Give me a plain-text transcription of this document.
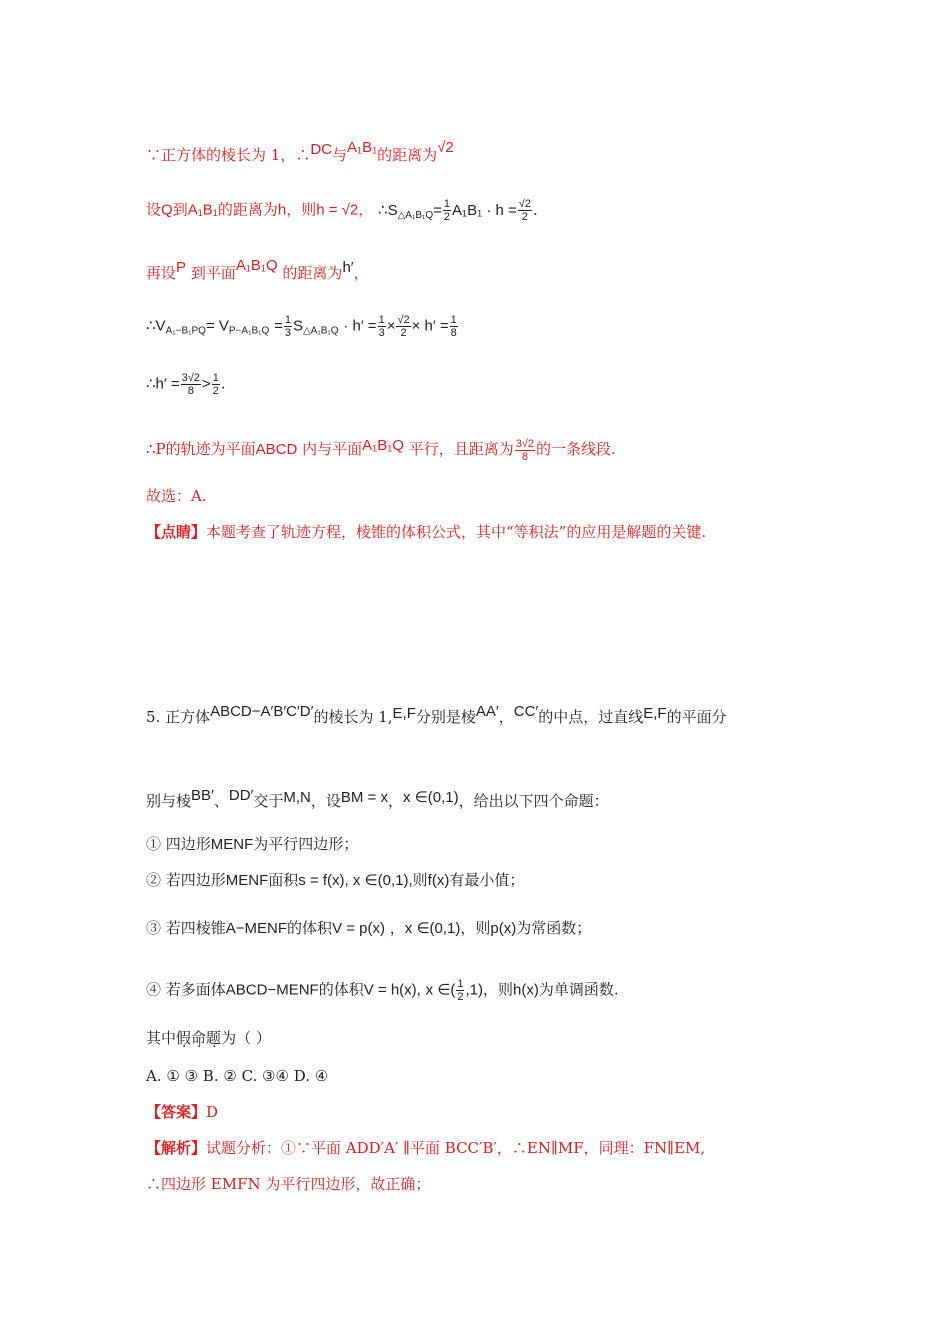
∵正方体的棱长为 1，∴DC与A₁B₁的距离为√2
设Q到A₁B₁的距离为h，则h = √2， $\therefore S_{\triangle A_1B_1Q}= \frac{1}{2} A_1B_1 \cdot h = \frac{√2}{2}$ .
再设P 到平面A₁B₁Q 的距离为h′，
$\therefore V_{A_1-B_1PQ}= V_{P-A_1B_1Q} = \frac{1}{3} S_{\triangle A_1B_1Q} \cdot h' = \frac{1}{3} \times \frac{√2}{2} \times h' = \frac{1}{8}$
∴h′ = $\frac{3√2}{8} > \frac{1}{2}$ .
∴P的轨迹为平面ABCD 内与平面A₁B₁Q 平行，且距离为 $\frac{3√2}{8}$ 的一条线段.
故选：A.
【点睛】本题考查了轨迹方程，棱锥的体积公式，其中“等积法”的应用是解题的关键.
5. 正方体ABCD−A′B′C′D′的棱长为 1,E,F分别是棱AA′，CC′的中点，过直线E,F的平面分
别与棱BB′、DD′交于M,N，设BM = x，x ∈(0,1)，给出以下四个命题：
① 四边形MENF为平行四边形；
② 若四边形MENF面积s = f(x), x ∈(0,1),则f(x)有最小值；
③ 若四棱锥A−MENF的体积V = p(x) ，x ∈(0,1)，则p(x)为常函数；
④ 若多面体ABCD−MENF的体积V = h(x), x ∈( $\frac{1}{2} ,1$)，则h(x)为单调函数.
其中假命题为（ ）
A. ① ③ B. ② C. ③④ D. ④
【答案】D
【解析】试题分析：①∵平面 ADD′A′ ∥平面 BCC′B′，∴EN∥MF，同理：FN∥EM,
∴四边形 EMFN 为平行四边形，故正确；
